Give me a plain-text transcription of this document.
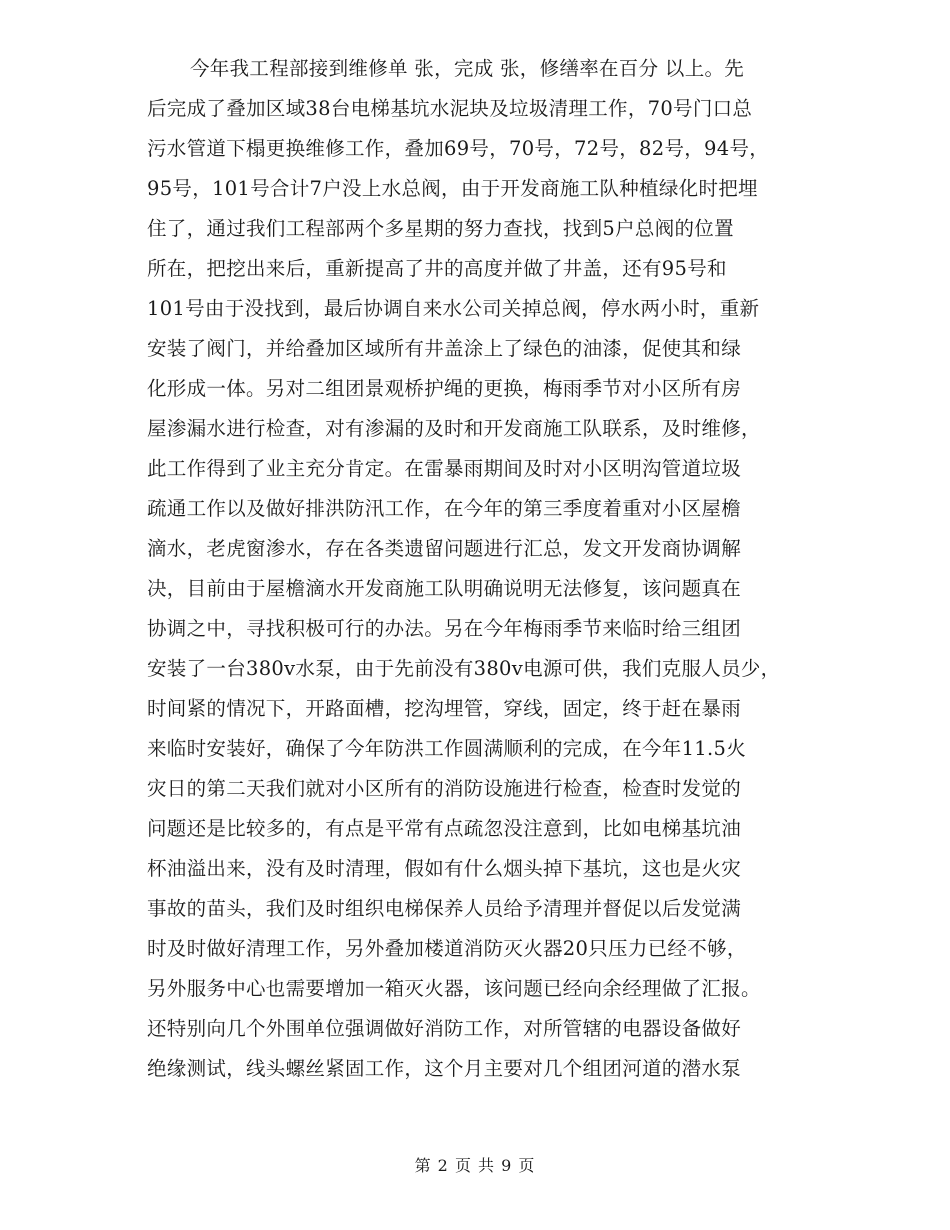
今年我工程部接到维修单 张，完成 张，修缮率在百分 以上。先
后完成了叠加区域38台电梯基坑水泥块及垃圾清理工作，70号门口总
污水管道下榻更换维修工作，叠加69号，70号，72号，82号，94号，
95号，101号合计7户没上水总阀，由于开发商施工队种植绿化时把埋
住了，通过我们工程部两个多星期的努力查找，找到5户总阀的位置
所在，把挖出来后，重新提高了井的高度并做了井盖，还有95号和
101号由于没找到，最后协调自来水公司关掉总阀，停水两小时，重新
安装了阀门，并给叠加区域所有井盖涂上了绿色的油漆，促使其和绿
化形成一体。另对二组团景观桥护绳的更换，梅雨季节对小区所有房
屋渗漏水进行检查，对有渗漏的及时和开发商施工队联系，及时维修，
此工作得到了业主充分肯定。在雷暴雨期间及时对小区明沟管道垃圾
疏通工作以及做好排洪防汛工作，在今年的第三季度着重对小区屋檐
滴水，老虎窗渗水，存在各类遗留问题进行汇总，发文开发商协调解
决，目前由于屋檐滴水开发商施工队明确说明无法修复，该问题真在
协调之中，寻找积极可行的办法。另在今年梅雨季节来临时给三组团
安装了一台380v水泵，由于先前没有380v电源可供，我们克服人员少，
时间紧的情况下，开路面槽，挖沟埋管，穿线，固定，终于赶在暴雨
来临时安装好，确保了今年防洪工作圆满顺利的完成，在今年11.5火
灾日的第二天我们就对小区所有的消防设施进行检查，检查时发觉的
问题还是比较多的，有点是平常有点疏忽没注意到，比如电梯基坑油
杯油溢出来，没有及时清理，假如有什么烟头掉下基坑，这也是火灾
事故的苗头，我们及时组织电梯保养人员给予清理并督促以后发觉满
时及时做好清理工作，另外叠加楼道消防灭火器20只压力已经不够，
另外服务中心也需要增加一箱灭火器，该问题已经向余经理做了汇报。
还特别向几个外围单位强调做好消防工作，对所管辖的电器设备做好
绝缘测试，线头螺丝紧固工作，这个月主要对几个组团河道的潜水泵
第 2 页 共 9 页
